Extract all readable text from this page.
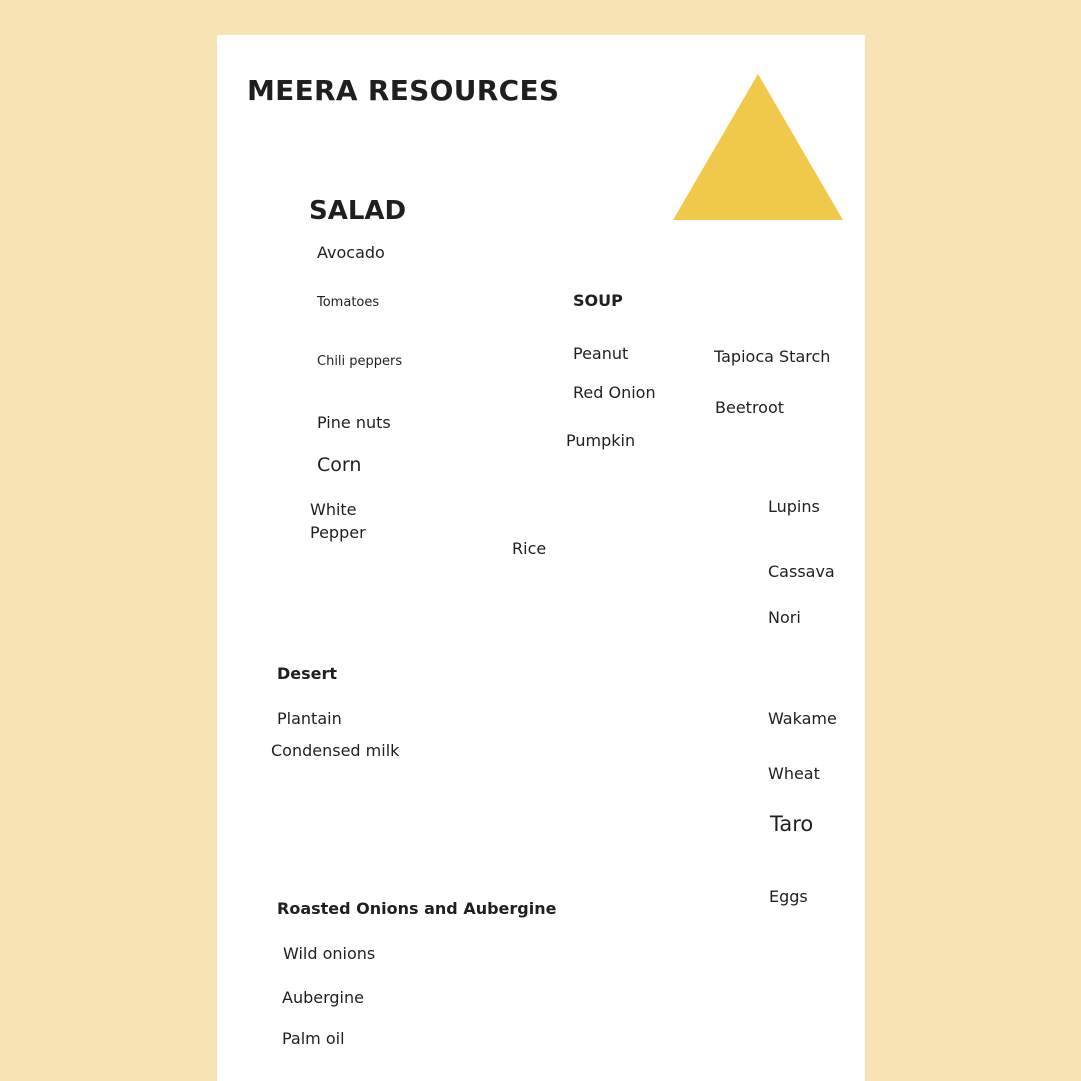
MEERA RESOURCES
SALAD
Avocado
Tomatoes
Chili peppers
Pine nuts
Corn
White
Pepper
SOUP
Peanut
Red Onion
Pumpkin
Tapioca Starch
Beetroot
Rice
Lupins
Cassava
Nori
Wakame
Wheat
Taro
Eggs
Desert
Plantain
Condensed milk
Roasted Onions and Aubergine
Wild onions
Aubergine
Palm oil
